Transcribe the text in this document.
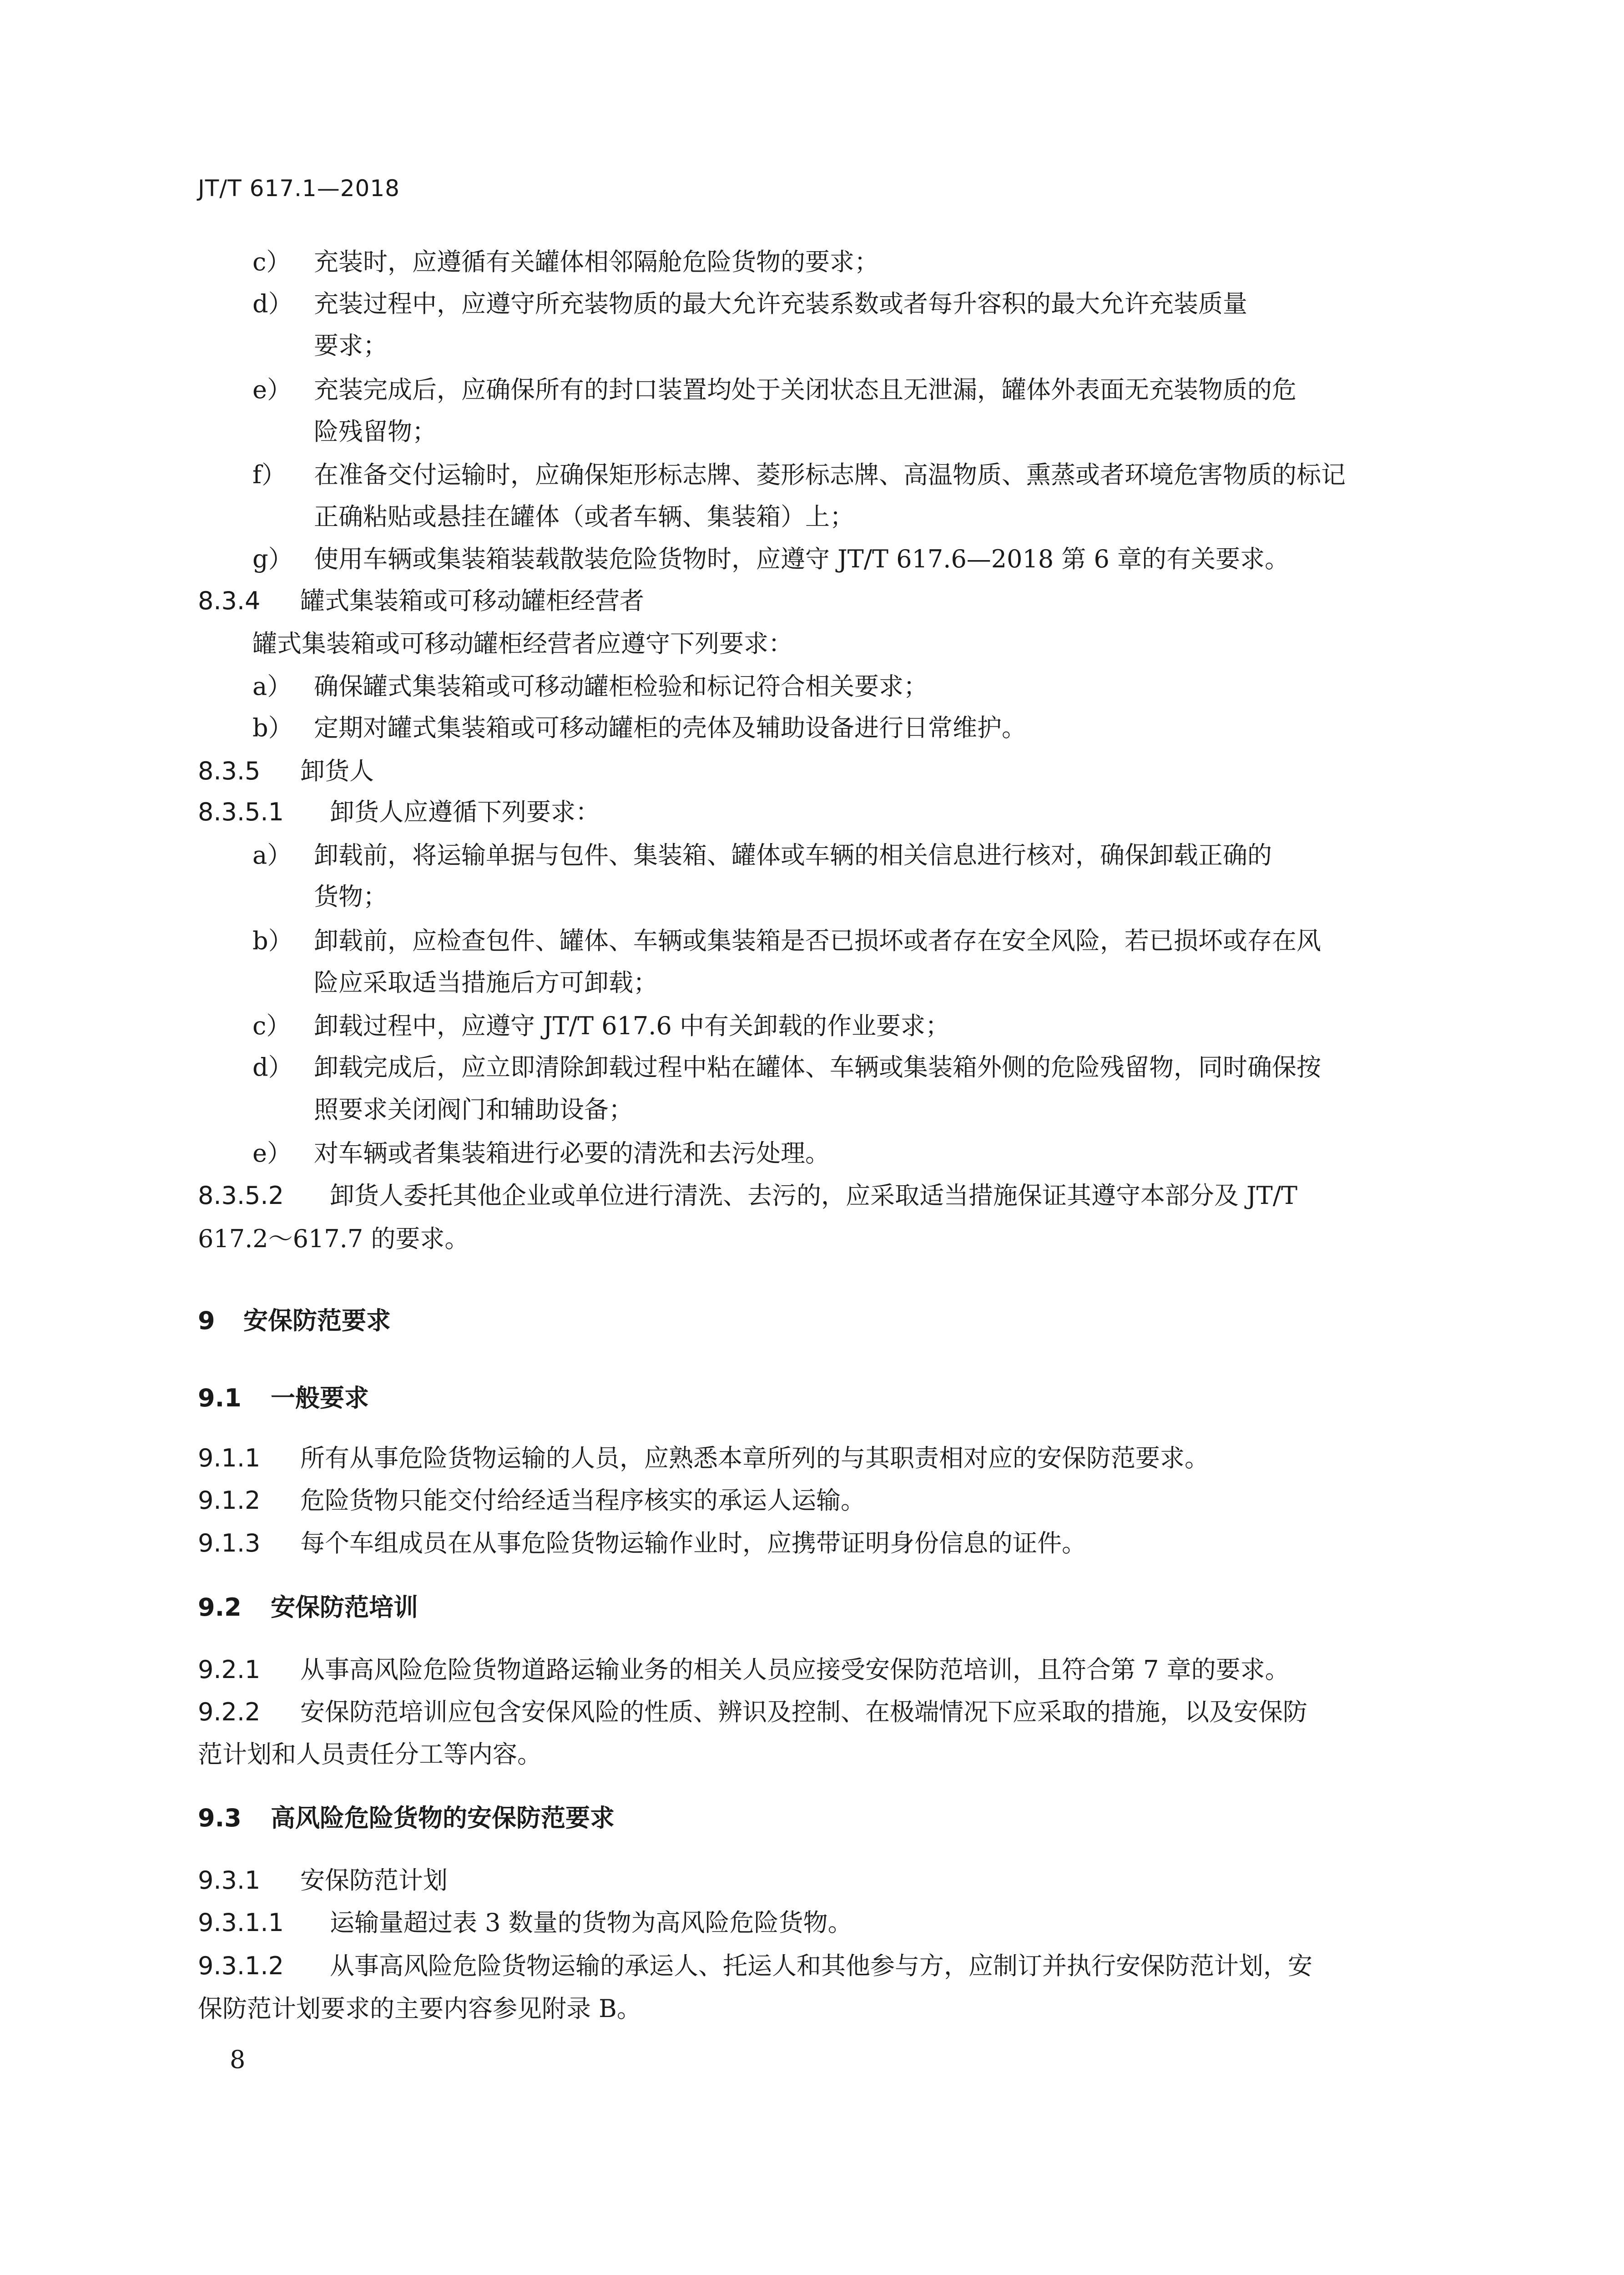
JT/T 617.1—2018
c） 充装时，应遵循有关罐体相邻隔舱危险货物的要求；
d） 充装过程中，应遵守所充装物质的最大允许充装系数或者每升容积的最大允许充装质量
要求；
e） 充装完成后，应确保所有的封口装置均处于关闭状态且无泄漏，罐体外表面无充装物质的危
险残留物；
f） 在准备交付运输时，应确保矩形标志牌、菱形标志牌、高温物质、熏蒸或者环境危害物质的标记
正确粘贴或悬挂在罐体（或者车辆、集装箱）上；
g） 使用车辆或集装箱装载散装危险货物时，应遵守 JT/T 617.6—2018 第 6 章的有关要求。
8.3.4 罐式集装箱或可移动罐柜经营者
罐式集装箱或可移动罐柜经营者应遵守下列要求：
a） 确保罐式集装箱或可移动罐柜检验和标记符合相关要求；
b） 定期对罐式集装箱或可移动罐柜的壳体及辅助设备进行日常维护。
8.3.5 卸货人
8.3.5.1 卸货人应遵循下列要求：
a） 卸载前，将运输单据与包件、集装箱、罐体或车辆的相关信息进行核对，确保卸载正确的
货物；
b） 卸载前，应检查包件、罐体、车辆或集装箱是否已损坏或者存在安全风险，若已损坏或存在风
险应采取适当措施后方可卸载；
c） 卸载过程中，应遵守 JT/T 617.6 中有关卸载的作业要求；
d） 卸载完成后，应立即清除卸载过程中粘在罐体、车辆或集装箱外侧的危险残留物，同时确保按
照要求关闭阀门和辅助设备；
e） 对车辆或者集装箱进行必要的清洗和去污处理。
8.3.5.2 卸货人委托其他企业或单位进行清洗、去污的，应采取适当措施保证其遵守本部分及 JT/T
617.2～617.7 的要求。
9 安保防范要求
9.1 一般要求
9.1.1 所有从事危险货物运输的人员，应熟悉本章所列的与其职责相对应的安保防范要求。
9.1.2 危险货物只能交付给经适当程序核实的承运人运输。
9.1.3 每个车组成员在从事危险货物运输作业时，应携带证明身份信息的证件。
9.2 安保防范培训
9.2.1 从事高风险危险货物道路运输业务的相关人员应接受安保防范培训，且符合第 7 章的要求。
9.2.2 安保防范培训应包含安保风险的性质、辨识及控制、在极端情况下应采取的措施，以及安保防
范计划和人员责任分工等内容。
9.3 高风险危险货物的安保防范要求
9.3.1 安保防范计划
9.3.1.1 运输量超过表 3 数量的货物为高风险危险货物。
9.3.1.2 从事高风险危险货物运输的承运人、托运人和其他参与方，应制订并执行安保防范计划，安
保防范计划要求的主要内容参见附录 B。
8
